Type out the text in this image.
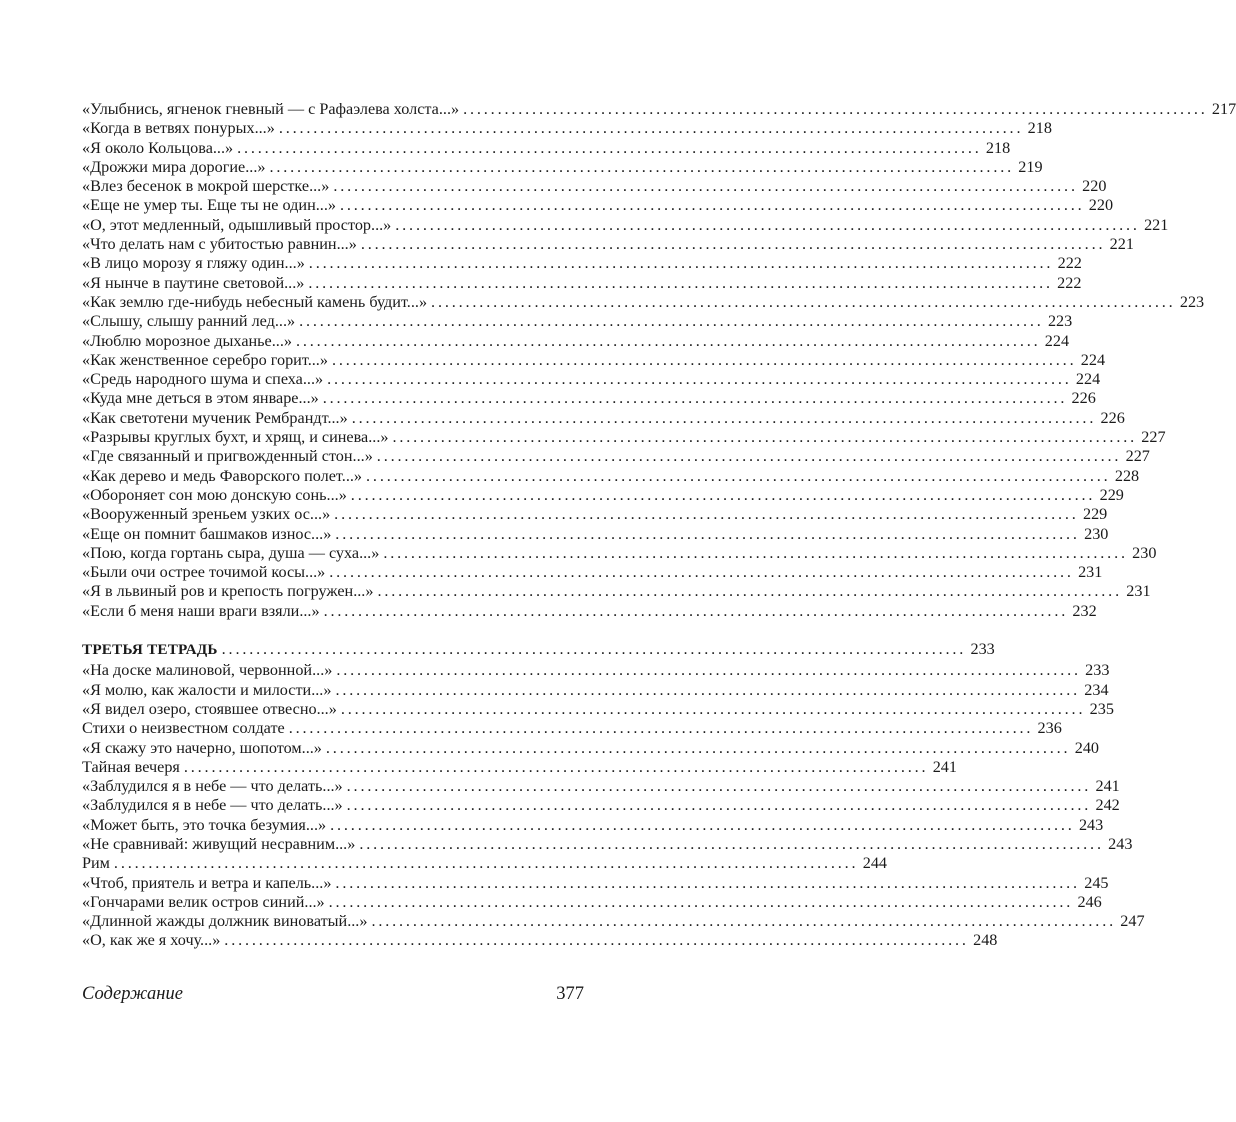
«Улыбнись, ягненок гневный — с Рафаэлева холста...» . . .	217
«Когда в ветвях понурых...» . . .	218
«Я около Кольцова...» . . .	218
«Дрожжи мира дорогие...» . . .	219
«Влез бесенок в мокрой шерстке...» . . .	220
«Еще не умер ты. Еще ты не один...» . . .	220
«О, этот медленный, одышливый простор...» . . .	221
«Что делать нам с убитостью равнин...» . . .	221
«В лицо морозу я гляжу один...» . . .	222
«Я нынче в паутине световой...» . . .	222
«Как землю где-нибудь небесный камень будит...» . . .	223
«Слышу, слышу ранний лед...» . . .	223
«Люблю морозное дыханье...» . . .	224
«Как женственное серебро горит...» . . .	224
«Средь народного шума и спеха...» . . .	224
«Куда мне деться в этом январе...» . . .	226
«Как светотени мученик Рембрандт...» . . .	226
«Разрывы круглых бухт, и хрящ, и синева...» . . .	227
«Где связанный и пригвожденный стон...» . . .	227
«Как дерево и медь Фаворского полет...» . . .	228
«Обороняет сон мою донскую сонь...» . . .	229
«Вооруженный зреньем узких ос...» . . .	229
«Еще он помнит башмаков износ...» . . .	230
«Пою, когда гортань сыра, душа — суха...» . . .	230
«Были очи острее точимой косы...» . . .	231
«Я в львиный ров и крепость погружен...» . . .	231
«Если б меня наши враги взяли...» . . .	232
ТРЕТЬЯ ТЕТРАДЬ . . .	233
«На доске малиновой, червонной...» . . .	233
«Я молю, как жалости и милости...» . . .	234
«Я видел озеро, стоявшее отвесно...» . . .	235
Стихи о неизвестном солдате . . .	236
«Я скажу это начерно, шопотом...» . . .	240
Тайная вечеря . . .	241
«Заблудился я в небе — что делать...» . . .	241
«Заблудился я в небе — что делать...» . . .	242
«Может быть, это точка безумия...» . . .	243
«Не сравнивай: живущий несравним...» . . .	243
Рим . . .	244
«Чтоб, приятель и ветра и капель...» . . .	245
«Гончарами велик остров синий...» . . .	246
«Длинной жажды должник виноватый...» . . .	247
«О, как же я хочу...» . . .	248
Содержание	377
